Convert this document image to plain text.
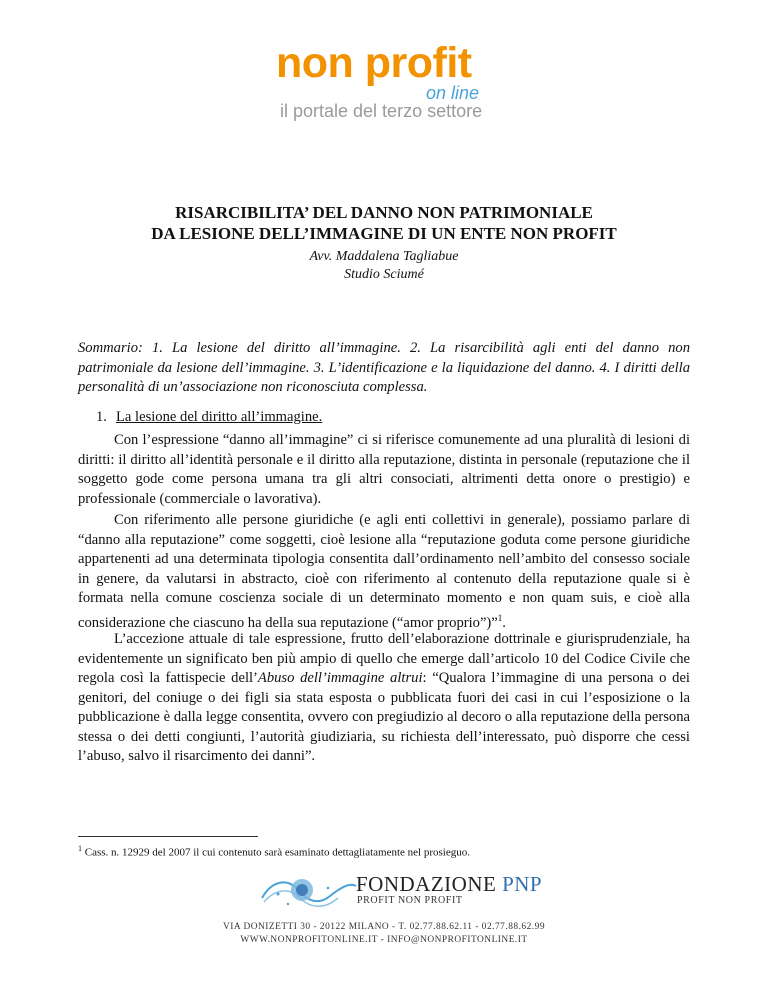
non profit
on line
il portale del terzo settore
RISARCIBILITA’ DEL DANNO NON PATRIMONIALE
DA LESIONE DELL’IMMAGINE DI UN ENTE NON PROFIT
Avv. Maddalena Tagliabue
Studio Sciumé
Sommario: 1. La lesione del diritto all’immagine. 2. La risarcibilità agli enti del danno non patrimoniale da lesione dell’immagine. 3. L’identificazione e la liquidazione del danno. 4. I diritti della personalità di un’associazione non riconosciuta complessa.
1. La lesione del diritto all’immagine.
Con l’espressione “danno all’immagine” ci si riferisce comunemente ad una pluralità di lesioni di diritti: il diritto all’identità personale e il diritto alla reputazione, distinta in personale (reputazione che il soggetto gode come persona umana tra gli altri consociati, altrimenti detta onore o prestigio) e professionale (commerciale o lavorativa).
Con riferimento alle persone giuridiche (e agli enti collettivi in generale), possiamo parlare di “danno alla reputazione” come soggetti, cioè lesione alla “reputazione goduta come persone giuridiche appartenenti ad una determinata tipologia consentita dall’ordinamento nell’ambito del consesso sociale in genere, da valutarsi in abstracto, cioè con riferimento al contenuto della reputazione quale si è formata nella comune coscienza sociale di un determinato momento e non quam suis, e cioè alla considerazione che ciascuno ha della sua reputazione (“amor proprio”)”$^1$.
L’accezione attuale di tale espressione, frutto dell’elaborazione dottrinale e giurisprudenziale, ha evidentemente un significato ben più ampio di quello che emerge dall’articolo 10 del Codice Civile che regola così la fattispecie dell’Abuso dell’immagine altrui: “Qualora l’immagine di una persona o dei genitori, del coniuge o dei figli sia stata esposta o pubblicata fuori dei casi in cui l’esposizione o la pubblicazione è dalla legge consentita, ovvero con pregiudizio al decoro o alla reputazione della persona stessa o dei detti congiunti, l’autorità giudiziaria, su richiesta dell’interessato, può disporre che cessi l’abuso, salvo il risarcimento dei danni”.
$^1$ Cass. n. 12929 del 2007 il cui contenuto sarà esaminato dettagliatamente nel prosieguo.
FONDAZIONE PNP
PROFIT NON PROFIT
VIA DONIZETTI 30 - 20122 MILANO - T. 02.77.88.62.11 - 02.77.88.62.99
WWW.NONPROFITONLINE.IT - INFO@NONPROFITONLINE.IT
